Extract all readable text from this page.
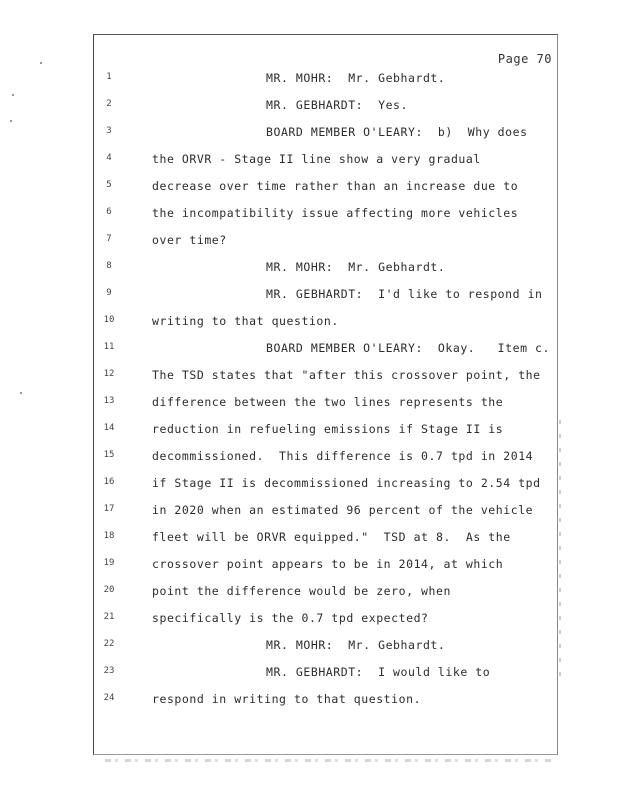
Page 70
1	MR. MOHR:  Mr. Gebhardt.
2	MR. GEBHARDT:  Yes.
3	BOARD MEMBER O'LEARY:  b)  Why does
4	the ORVR - Stage II line show a very gradual
5	decrease over time rather than an increase due to
6	the incompatibility issue affecting more vehicles
7	over time?
8	MR. MOHR:  Mr. Gebhardt.
9	MR. GEBHARDT:  I'd like to respond in
10	writing to that question.
11	BOARD MEMBER O'LEARY:  Okay.   Item c.
12	The TSD states that "after this crossover point, the
13	difference between the two lines represents the
14	reduction in refueling emissions if Stage II is
15	decommissioned.  This difference is 0.7 tpd in 2014
16	if Stage II is decommissioned increasing to 2.54 tpd
17	in 2020 when an estimated 96 percent of the vehicle
18	fleet will be ORVR equipped."  TSD at 8.  As the
19	crossover point appears to be in 2014, at which
20	point the difference would be zero, when
21	specifically is the 0.7 tpd expected?
22	MR. MOHR:  Mr. Gebhardt.
23	MR. GEBHARDT:  I would like to
24	respond in writing to that question.
